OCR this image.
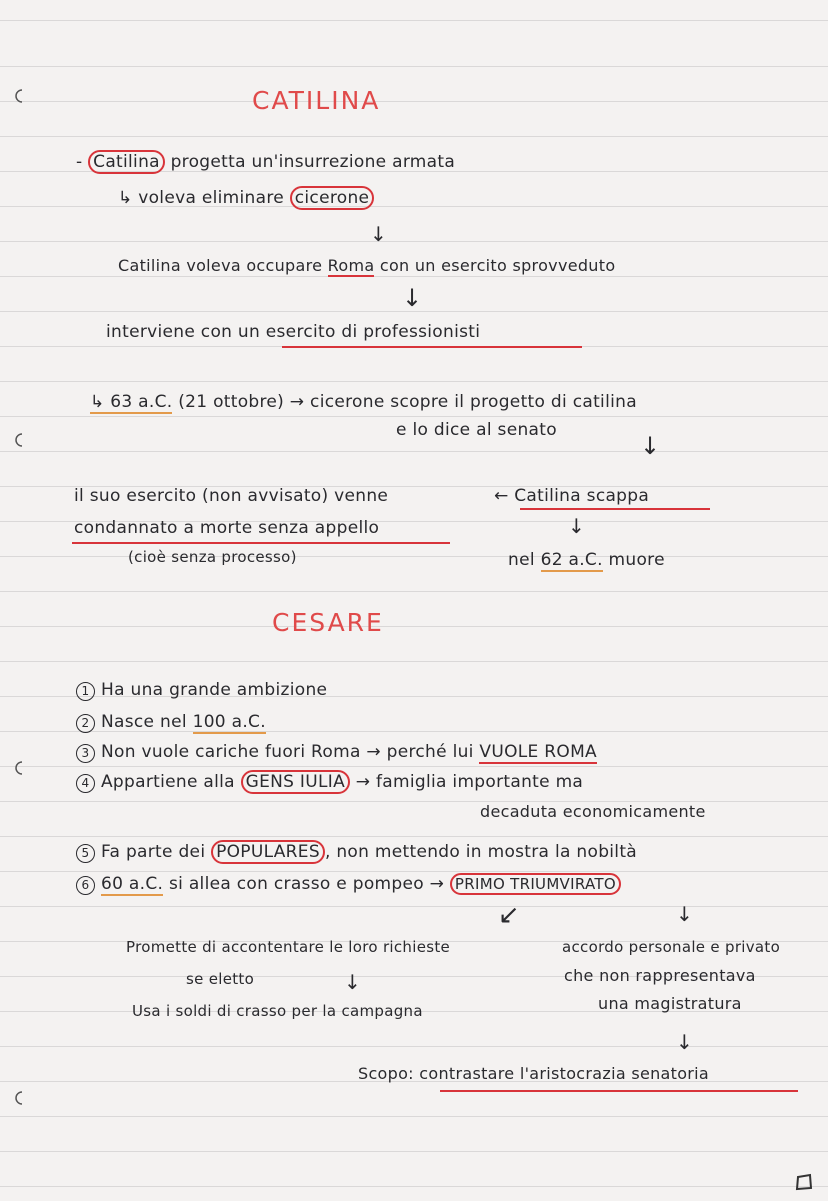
CATILINA
- Catilina progetta un'insurrezione armata
↳ voleva eliminare cicerone
↓
Catilina voleva occupare Roma con un esercito sprovveduto
↓
interviene con un esercito di professionisti
↳ 63 a.C. (21 ottobre) → cicerone scopre il progetto di catilina
e lo dice al senato
↓
il suo esercito (non avvisato) venne	← Catilina scappa
condannato a morte senza appello	↓
(cioè senza processo)	nel 62 a.C. muore
CESARE
1 Ha una grande ambizione
2 Nasce nel 100 a.C.
3 Non vuole cariche fuori Roma → perché lui VUOLE ROMA
4 Appartiene alla GENS IULIA → famiglia importante ma
decaduta economicamente
5 Fa parte dei POPULARES , non mettendo in mostra la nobiltà
6 60 a.C. si allea con crasso e pompeo → PRIMO TRIUMVIRATO
↙	↓
Promette di accontentare le loro richieste	accordo personale e privato
se eletto	↓	che non rappresentava
Usa i soldi di crasso per la campagna	una magistratura
↓
Scopo: contrastare l'aristocrazia senatoria
